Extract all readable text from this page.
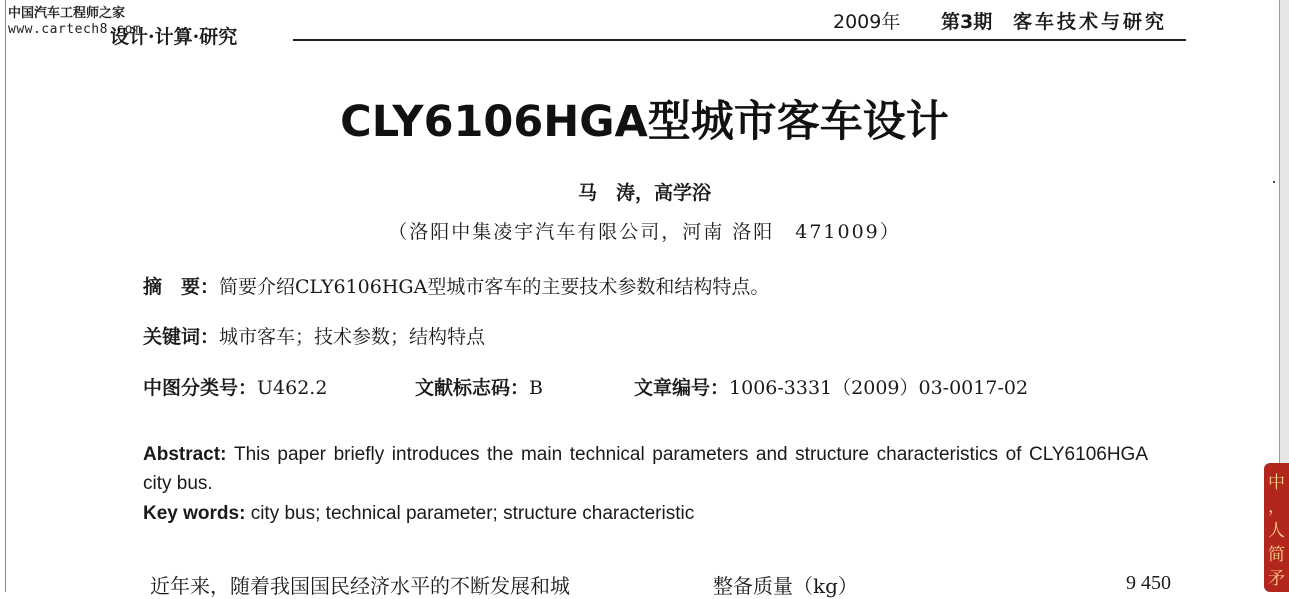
中国汽车工程师之家
www.cartech8.com
设计·计算·研究
2009年 第3期 客车技术与研究
CLY6106HGA型城市客车设计
马　涛，高学浴
（洛阳中集凌宇汽车有限公司，河南 洛阳　471009）
摘　要：简要介绍CLY6106HGA型城市客车的主要技术参数和结构特点。
关键词：城市客车；技术参数；结构特点
中图分类号：U462.2	文献标志码：B	文章编号：1006-3331（2009）03-0017-02
Abstract: This paper briefly introduces the main technical parameters and structure characteristics of CLY6106HGA city bus.
Key words: city bus; technical parameter; structure characteristic
近年来，随着我国国民经济水平的不断发展和城	整备质量（kg）	9 450
中
，
人
简
矛
